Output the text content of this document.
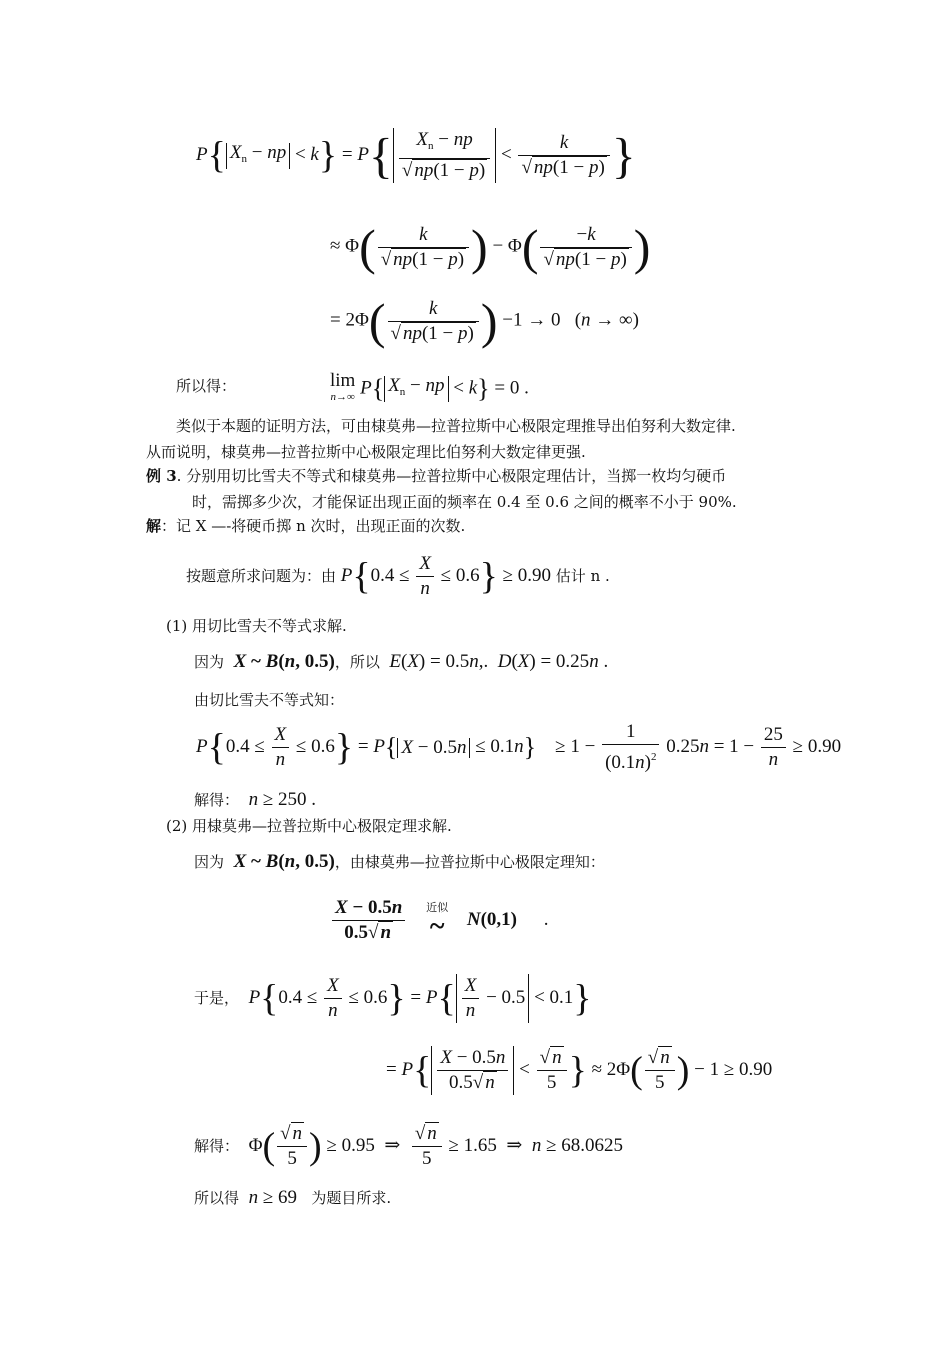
P{ $X_n$ − np < $k\} = P\{ \frac{X_n - np}{√ np(1 - p)} < \frac{k}{√ np(1 - p)}$ }
≈ $\Phi( \frac{k}{√ np(1 - p)}$ ) − $\Phi( \frac{-k}{√ np(1 - p)}$ )
= $2\Phi( \frac{k}{√ np(1 - p)}$ ) −1 → 0   (n → ∞)
所以得：	lim
n→∞ P{ $X_n$ − np < k} = 0 .
类似于本题的证明方法，可由棣莫弗—拉普拉斯中心极限定理推导出伯努利大数定律.
从而说明，棣莫弗—拉普拉斯中心极限定理比伯努利大数定律更强.
例 3. 分别用切比雪夫不等式和棣莫弗—拉普拉斯中心极限定理估计，当掷一枚均匀硬币
时，需掷多少次，才能保证出现正面的频率在 0.4 至 0.6 之间的概率不小于 90%.
解：记 X —-将硬币掷 n 次时，出现正面的次数.
按题意所求问题为：由 $P\{0.4 \le \frac{X}{n} \le 0.6\} \ge 0.90$ 估计 n .
(1) 用切比雪夫不等式求解.
因为 X ~ B(n, 0.5)，所以 E(X) = 0.5n,.  D(X) = 0.25n .
由切比雪夫不等式知：
$P\{0.4 \le \frac{X}{n} \le 0.6\} = P${ X − 0.5n ≤ 0.1n}    ≥ $1 - \frac{1}{(0.1n)^2} 0.25n = 1 - \frac{25}{n} \ge 0.90$
解得： n ≥ 250 .
(2) 用棣莫弗—拉普拉斯中心极限定理求解.
因为 X ~ B(n, 0.5)，由棣莫弗—拉普拉斯中心极限定理知：
$\frac{X - 0.5n}{0.5√ n}$
近似
~ N(0,1) .
于是， $P\{0.4 \le \frac{X}{n} \le 0.6\} = P\{ \frac{X}{n} - 0.5 < 0.1\}$
= $P\{ \frac{X - 0.5n}{0.5√ n} < \frac{√ n}{5}$ } ≈ $2\Phi( \frac{√ n}{5}$ ) − 1 ≥ 0.90
解得： $\Phi( \frac{√ n}{5}$ ) ≥ 0.95  ⇒ $\frac{√ n}{5} \ge 1.65$  ⇒  n ≥ 68.0625
所以得 n ≥ 69 为题目所求.
